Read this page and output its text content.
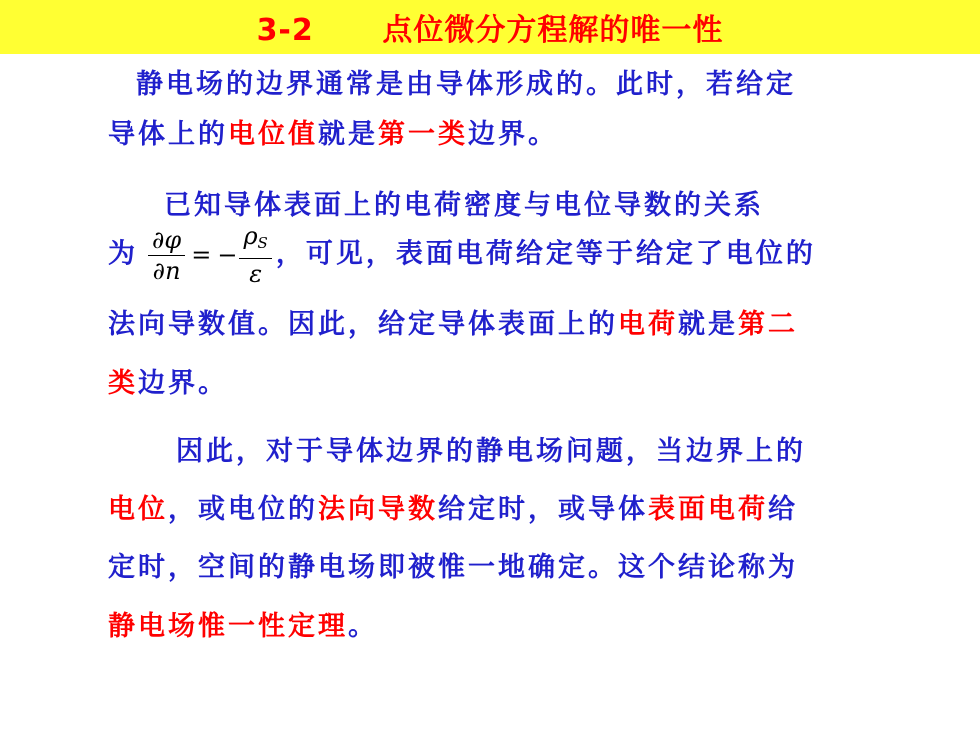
3-2      点位微分方程解的唯一性
静电场的边界通常是由导体形成的。此时，若给定
导体上的电位值就是第一类边界。
已知导体表面上的电荷密度与电位导数的关系
为 $\frac{\partial\varphi}{\partial n}$ = − $\frac{\rho_S}{\varepsilon}$ ，可见，表面电荷给定等于给定了电位的
法向导数值。因此，给定导体表面上的电荷就是第二
类边界。
因此，对于导体边界的静电场问题，当边界上的
电位，或电位的法向导数给定时，或导体表面电荷给
定时，空间的静电场即被惟一地确定。这个结论称为
静电场惟一性定理。
